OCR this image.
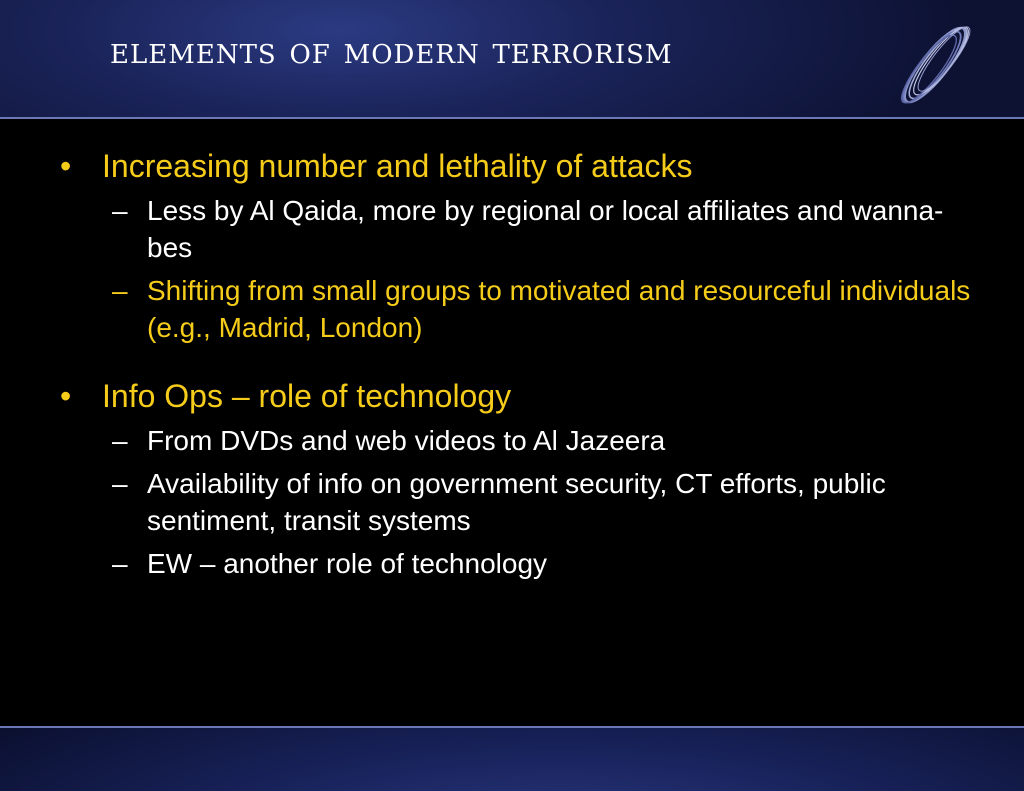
elements of modern terrorism
• Increasing number and lethality of attacks
– Less by Al Qaida, more by regional or local affiliates and wanna-bes
– Shifting from small groups to motivated and resourceful individuals (e.g., Madrid, London)
• Info Ops – role of technology
– From DVDs and web videos to Al Jazeera
– Availability of info on government security, CT efforts, public sentiment, transit systems
– EW – another role of technology
